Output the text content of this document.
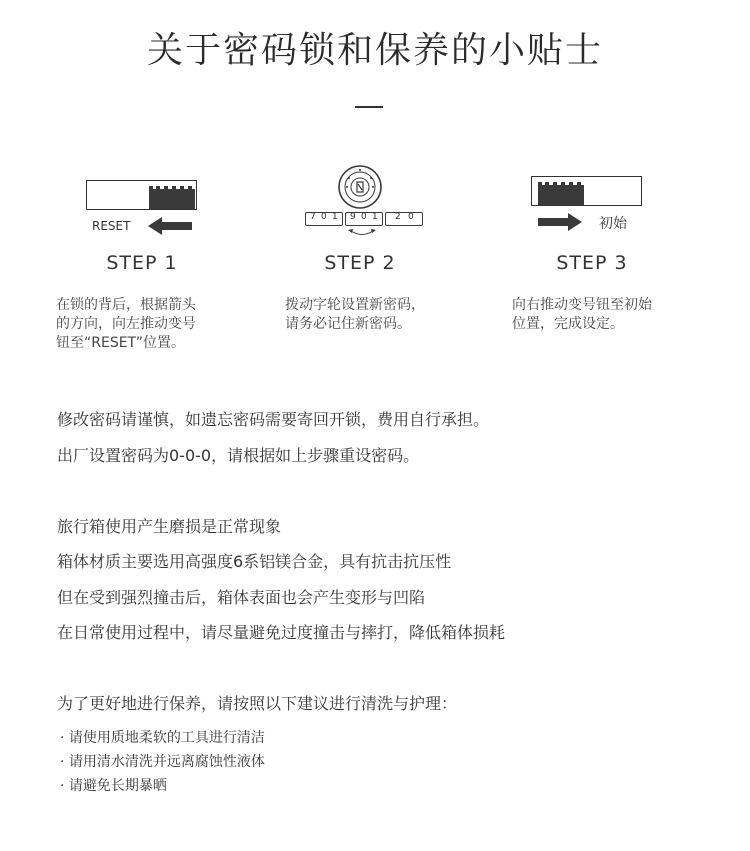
关于密码锁和保养的小贴士
RESET
7 0 1 9 0 1 2 0	初始
STEP 1	STEP 2	STEP 3
在锁的背后，根据箭头
的方向，向左推动变号
钮至“RESET”位置。
拨动字轮设置新密码，
请务必记住新密码。
向右推动变号钮至初始
位置，完成设定。
修改密码请谨慎，如遗忘密码需要寄回开锁，费用自行承担。
出厂设置密码为0-0-0，请根据如上步骤重设密码。
旅行箱使用产生磨损是正常现象
箱体材质主要选用高强度6系铝镁合金，具有抗击抗压性
但在受到强烈撞击后，箱体表面也会产生变形与凹陷
在日常使用过程中，请尽量避免过度撞击与摔打，降低箱体损耗
为了更好地进行保养，请按照以下建议进行清洗与护理：
· 请使用质地柔软的工具进行清洁
· 请用清水清洗并远离腐蚀性液体
· 请避免长期暴晒
